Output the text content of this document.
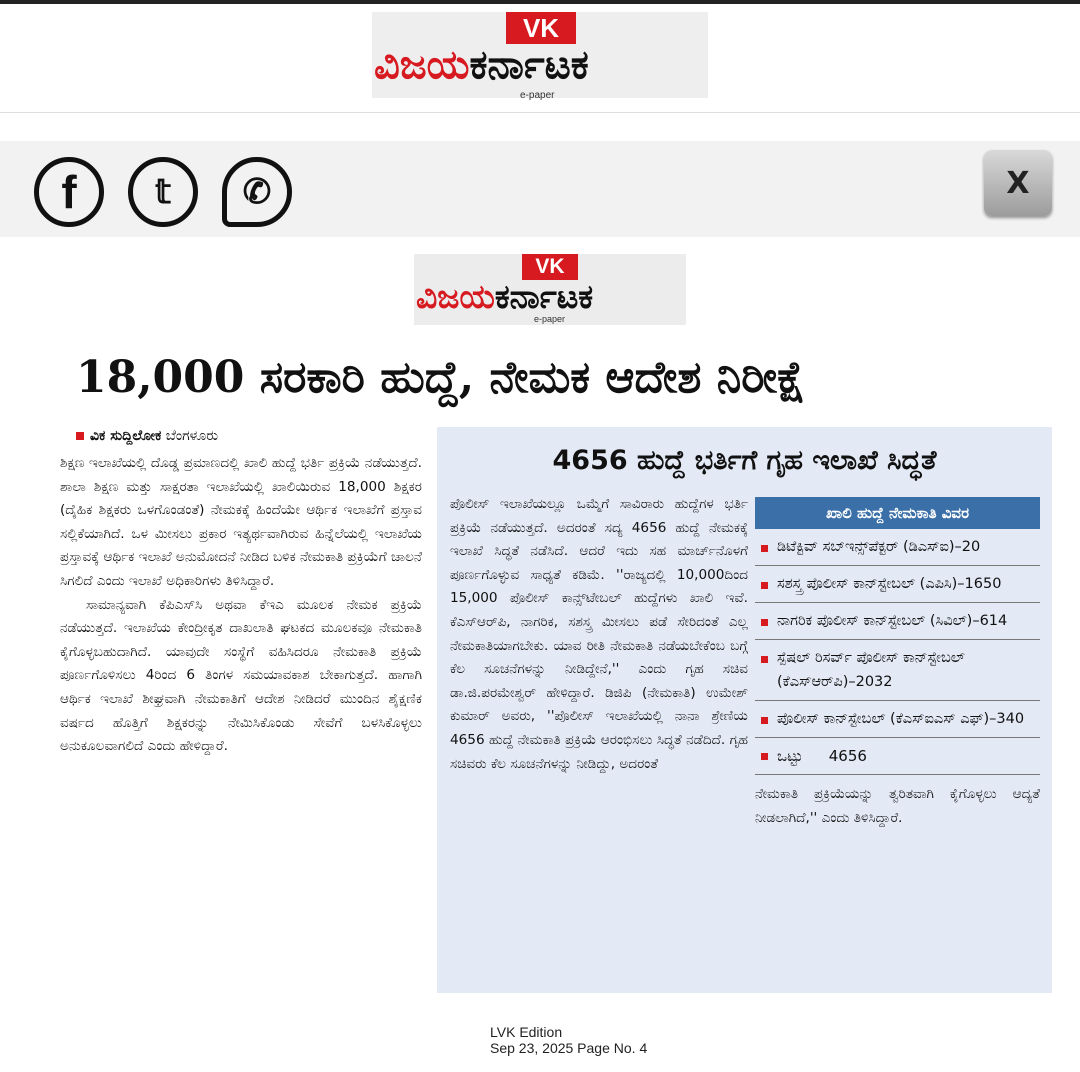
VK
ವಿಜಯಕರ್ನಾಟಕ
e-paper
f	𝕥	✆	X
VK
ವಿಜಯಕರ್ನಾಟಕ
e-paper
18,000 ಸರಕಾರಿ ಹುದ್ದೆ, ನೇಮಕ ಆದೇಶ ನಿರೀಕ್ಷೆ
ವಿಕ ಸುದ್ದಿಲೋಕ ಬೆಂಗಳೂರು

ಶಿಕ್ಷಣ ಇಲಾಖೆಯಲ್ಲಿ ದೊಡ್ಡ ಪ್ರಮಾಣದಲ್ಲಿ ಖಾಲಿ ಹುದ್ದೆ ಭರ್ತಿ ಪ್ರಕ್ರಿಯೆ ನಡೆಯುತ್ತದೆ. ಶಾಲಾ ಶಿಕ್ಷಣ ಮತ್ತು ಸಾಕ್ಷರತಾ ಇಲಾಖೆಯಲ್ಲಿ ಖಾಲಿಯಿರುವ 18,000 ಶಿಕ್ಷಕರ (ದೈಹಿಕ ಶಿಕ್ಷಕರು ಒಳಗೊಂಡಂತೆ) ನೇಮಕಕ್ಕೆ ಹಿಂದೆಯೇ ಆರ್ಥಿಕ ಇಲಾಖೆಗೆ ಪ್ರಸ್ತಾವ ಸಲ್ಲಿಕೆಯಾಗಿದೆ. ಒಳ ಮೀಸಲು ಪ್ರಕಾರ ಇತ್ಯರ್ಥವಾಗಿರುವ ಹಿನ್ನೆಲೆಯಲ್ಲಿ ಇಲಾಖೆಯ ಪ್ರಸ್ತಾವಕ್ಕೆ ಆರ್ಥಿಕ ಇಲಾಖೆ ಅನುಮೋದನೆ ನೀಡಿದ ಬಳಿಕ ನೇಮಕಾತಿ ಪ್ರಕ್ರಿಯೆಗೆ ಚಾಲನೆ ಸಿಗಲಿದೆ ಎಂದು ಇಲಾಖೆ ಅಧಿಕಾರಿಗಳು ತಿಳಿಸಿದ್ದಾರೆ.

ಸಾಮಾನ್ಯವಾಗಿ ಕೆಪಿಎಸ್‌ಸಿ ಅಥವಾ ಕೆಇಎ ಮೂಲಕ ನೇಮಕ ಪ್ರಕ್ರಿಯೆ ನಡೆಯುತ್ತದೆ. ಇಲಾಖೆಯ ಕೇಂದ್ರೀಕೃತ ದಾಖಲಾತಿ ಘಟಕದ ಮೂಲಕವೂ ನೇಮಕಾತಿ ಕೈಗೊಳ್ಳಬಹುದಾಗಿದೆ. ಯಾವುದೇ ಸಂಸ್ಥೆಗೆ ವಹಿಸಿದರೂ ನೇಮಕಾತಿ ಪ್ರಕ್ರಿಯೆ ಪೂರ್ಣಗೊಳಿಸಲು 4ರಿಂದ 6 ತಿಂಗಳ ಸಮಯಾವಕಾಶ ಬೇಕಾಗುತ್ತದೆ. ಹಾಗಾಗಿ ಆರ್ಥಿಕ ಇಲಾಖೆ ಶೀಘ್ರವಾಗಿ ನೇಮಕಾತಿಗೆ ಆದೇಶ ನೀಡಿದರೆ ಮುಂದಿನ ಶೈಕ್ಷಣಿಕ ವರ್ಷದ ಹೊತ್ತಿಗೆ ಶಿಕ್ಷಕರನ್ನು ನೇಮಿಸಿಕೊಂಡು ಸೇವೆಗೆ ಬಳಸಿಕೊಳ್ಳಲು ಅನುಕೂಲವಾಗಲಿದೆ ಎಂದು ಹೇಳಿದ್ದಾರೆ.

4656 ಹುದ್ದೆ ಭರ್ತಿಗೆ ಗೃಹ ಇಲಾಖೆ ಸಿದ್ಧತೆ
ಪೊಲೀಸ್ ಇಲಾಖೆಯಲ್ಲೂ ಒಮ್ಮೆಗೆ ಸಾವಿರಾರು ಹುದ್ದೆಗಳ ಭರ್ತಿ ಪ್ರಕ್ರಿಯೆ ನಡೆಯುತ್ತದೆ. ಅದರಂತೆ ಸದ್ಯ 4656 ಹುದ್ದೆ ನೇಮಕಕ್ಕೆ ಇಲಾಖೆ ಸಿದ್ಧತೆ ನಡೆಸಿದೆ. ಆದರೆ ಇದು ಸಹ ಮಾರ್ಚ್‌ನೊಳಗೆ ಪೂರ್ಣಗೊಳ್ಳುವ ಸಾಧ್ಯತೆ ಕಡಿಮೆ. ''ರಾಜ್ಯದಲ್ಲಿ 10,000ದಿಂದ 15,000 ಪೊಲೀಸ್ ಕಾನ್ಸ್‌ಟೇಬಲ್ ಹುದ್ದೆಗಳು ಖಾಲಿ ಇವೆ. ಕೆಎಸ್‌ಆರ್‌ಪಿ, ನಾಗರಿಕ, ಸಶಸ್ತ್ರ ಮೀಸಲು ಪಡೆ ಸೇರಿದಂತೆ ಎಲ್ಲ ನೇಮಕಾತಿಯಾಗಬೇಕು. ಯಾವ ರೀತಿ ನೇಮಕಾತಿ ನಡೆಯಬೇಕೆಂಬ ಬಗ್ಗೆ ಕೆಲ ಸೂಚನೆಗಳನ್ನು ನೀಡಿದ್ದೇನೆ,'' ಎಂದು ಗೃಹ ಸಚಿವ ಡಾ.ಜಿ.ಪರಮೇಶ್ವರ್ ಹೇಳಿದ್ದಾರೆ. ಡಿಜಿಪಿ (ನೇಮಕಾತಿ) ಉಮೇಶ್ ಕುಮಾರ್ ಅವರು, ''ಪೊಲೀಸ್ ಇಲಾಖೆಯಲ್ಲಿ ನಾನಾ ಶ್ರೇಣಿಯ 4656 ಹುದ್ದೆ ನೇಮಕಾತಿ ಪ್ರಕ್ರಿಯೆ ಆರಂಭಿಸಲು ಸಿದ್ಧತೆ ನಡೆದಿದೆ. ಗೃಹ ಸಚಿವರು ಕೆಲ ಸೂಚನೆಗಳನ್ನು ನೀಡಿದ್ದು, ಅದರಂತೆ
ಖಾಲಿ ಹುದ್ದೆ ನೇಮಕಾತಿ ವಿವರ
ಡಿಟೆಕ್ಟಿವ್ ಸಬ್‌ಇನ್ಸ್‌ಪೆಕ್ಟರ್ (ಡಿಎಸ್ಐ)–20
ಸಶಸ್ತ್ರ ಪೊಲೀಸ್ ಕಾನ್‌ಸ್ಟೇಬಲ್ (ಎಪಿಸಿ)–1650
ನಾಗರಿಕ ಪೊಲೀಸ್ ಕಾನ್‌ಸ್ಟೇಬಲ್ (ಸಿವಿಲ್)–614
ಸ್ಪೆಷಲ್ ರಿಸರ್ವ್ ಪೊಲೀಸ್ ಕಾನ್‌ಸ್ಟೇಬಲ್ (ಕೆಎಸ್‌ಆರ್‌ಪಿ)–2032
ಪೊಲೀಸ್ ಕಾನ್‌ಸ್ಟೇಬಲ್ (ಕೆಎಸ್‌ಐಎಸ್ ಎಫ್)–340
ಒಟ್ಟು 4656
ನೇಮಕಾತಿ ಪ್ರಕ್ರಿಯೆಯನ್ನು ತ್ವರಿತವಾಗಿ ಕೈಗೊಳ್ಳಲು ಆದ್ಯತೆ ನೀಡಲಾಗಿದೆ,'' ಎಂದು ತಿಳಿಸಿದ್ದಾರೆ.
LVK Edition
Sep 23, 2025 Page No. 4
